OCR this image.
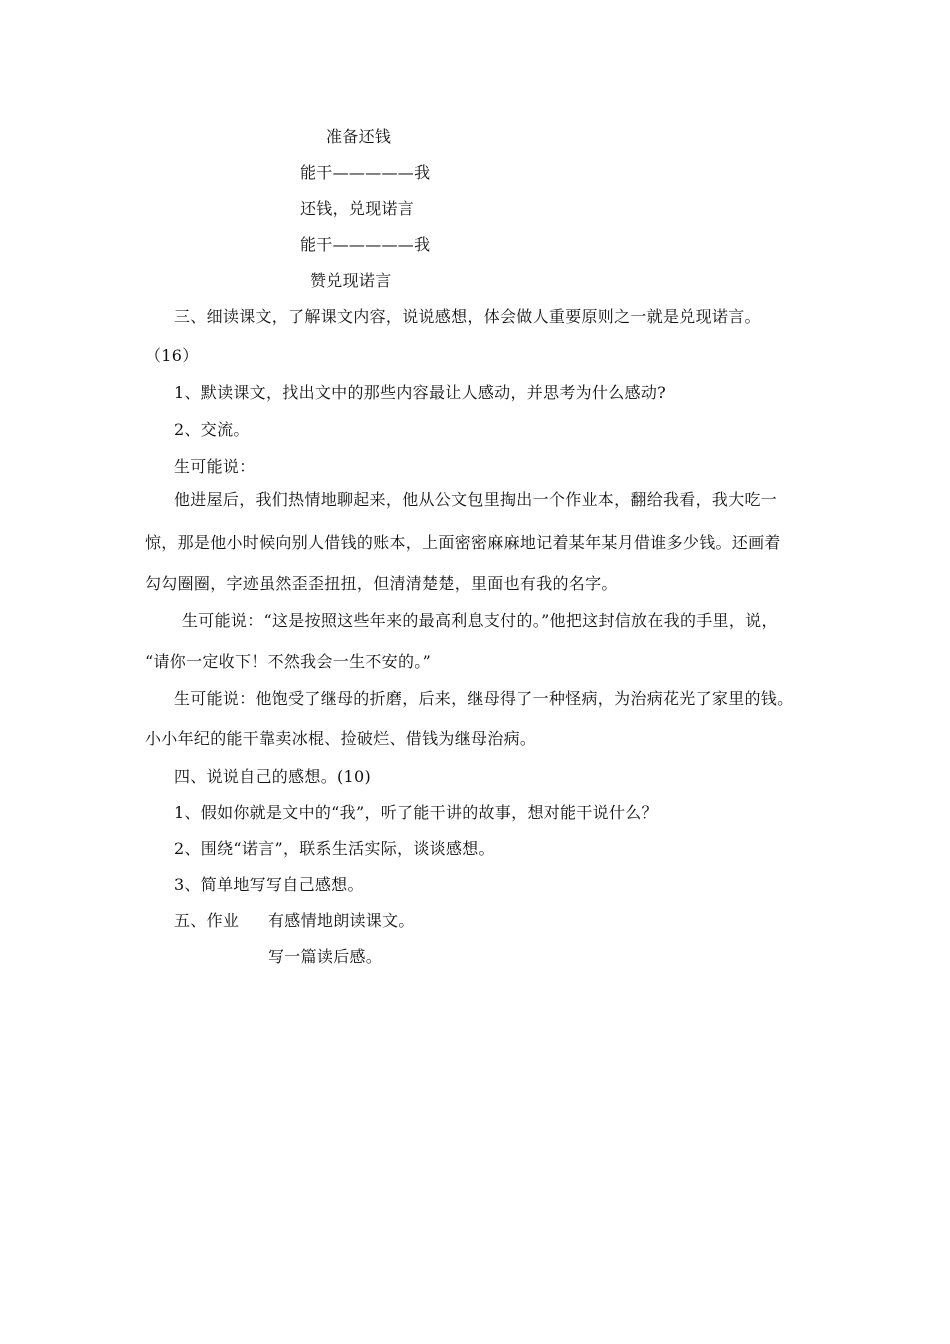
准备还钱
能干—————我
还钱，兑现诺言
能干—————我
赞兑现诺言
三、细读课文，了解课文内容，说说感想，体会做人重要原则之一就是兑现诺言。
（16）
1、默读课文，找出文中的那些内容最让人感动，并思考为什么感动?
2、交流。
生可能说：
他进屋后，我们热情地聊起来，他从公文包里掏出一个作业本，翻给我看，我大吃一
惊，那是他小时候向别人借钱的账本，上面密密麻麻地记着某年某月借谁多少钱。还画着
勾勾圈圈，字迹虽然歪歪扭扭，但清清楚楚，里面也有我的名字。
生可能说：“这是按照这些年来的最高利息支付的。”他把这封信放在我的手里，说，
“请你一定收下！不然我会一生不安的。”
生可能说：他饱受了继母的折磨，后来，继母得了一种怪病，为治病花光了家里的钱。
小小年纪的能干靠卖冰棍、捡破烂、借钱为继母治病。
四、说说自己的感想。(10)
1、假如你就是文中的“我”，听了能干讲的故事，想对能干说什么？
2、围绕“诺言”，联系生活实际，谈谈感想。
3、简单地写写自己感想。
五、作业 有感情地朗读课文。
写一篇读后感。
